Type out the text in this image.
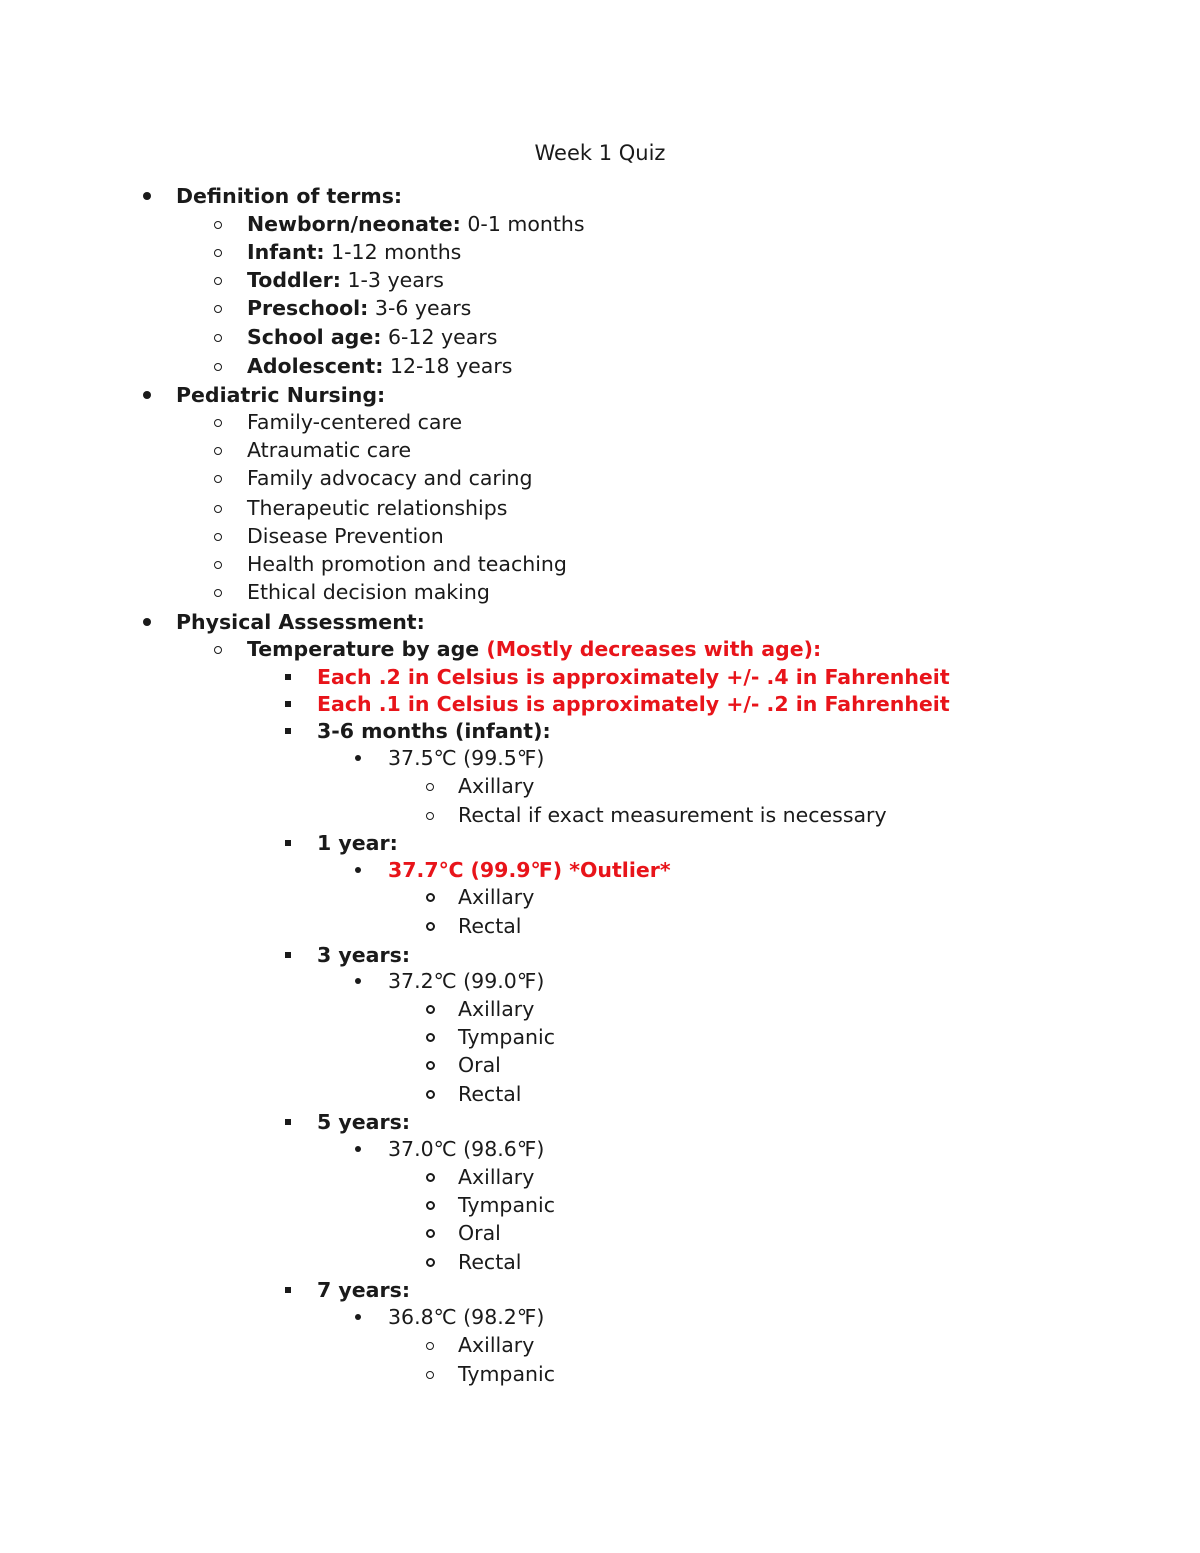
Week 1 Quiz
Definition of terms:
Newborn/neonate: 0-1 months
Infant: 1-12 months
Toddler: 1-3 years
Preschool: 3-6 years
School age: 6-12 years
Adolescent: 12-18 years
Pediatric Nursing:
Family-centered care
Atraumatic care
Family advocacy and caring
Therapeutic relationships
Disease Prevention
Health promotion and teaching
Ethical decision making
Physical Assessment:
Temperature by age (Mostly decreases with age):
Each .2 in Celsius is approximately +/- .4 in Fahrenheit
Each .1 in Celsius is approximately +/- .2 in Fahrenheit
3-6 months (infant):
37.5℃ (99.5℉)
Axillary
Rectal if exact measurement is necessary
1 year:
37.7℃ (99.9℉) *Outlier*
Axillary
Rectal
3 years:
37.2℃ (99.0℉)
Axillary
Tympanic
Oral
Rectal
5 years:
37.0℃ (98.6℉)
Axillary
Tympanic
Oral
Rectal
7 years:
36.8℃ (98.2℉)
Axillary
Tympanic
